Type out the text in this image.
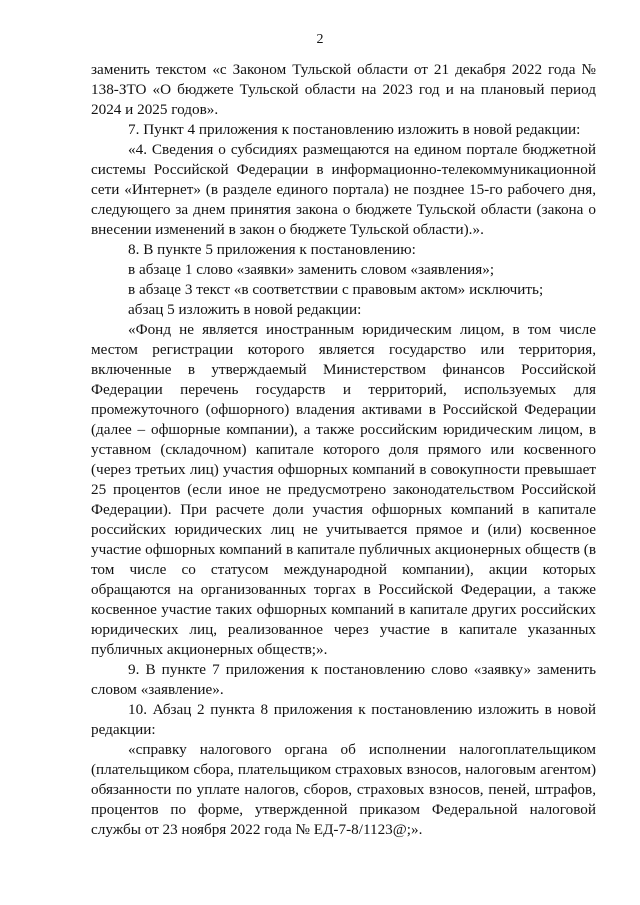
2

заменить текстом «с Законом Тульской области от 21 декабря 2022 года № 138-ЗТО «О бюджете Тульской области на 2023 год и на плановый период 2024 и 2025 годов».

7. Пункт 4 приложения к постановлению изложить в новой редакции:

«4. Сведения о субсидиях размещаются на едином портале бюджетной системы Российской Федерации в информационно-телекоммуникационной сети «Интернет» (в разделе единого портала) не позднее 15-го рабочего дня, следующего за днем принятия закона о бюджете Тульской области (закона о внесении изменений в закон о бюджете Тульской области).».

8. В пункте 5 приложения к постановлению:

в абзаце 1 слово «заявки» заменить словом «заявления»;

в абзаце 3 текст «в соответствии с правовым актом» исключить;

абзац 5 изложить в новой редакции:

«Фонд не является иностранным юридическим лицом, в том числе местом регистрации которого является государство или территория, включенные в утверждаемый Министерством финансов Российской Федерации перечень государств и территорий, используемых для промежуточного (офшорного) владения активами в Российской Федерации (далее – офшорные компании), а также российским юридическим лицом, в уставном (складочном) капитале которого доля прямого или косвенного (через третьих лиц) участия офшорных компаний в совокупности превышает 25 процентов (если иное не предусмотрено законодательством Российской Федерации). При расчете доли участия офшорных компаний в капитале российских юридических лиц не учитывается прямое и (или) косвенное участие офшорных компаний в капитале публичных акционерных обществ (в том числе со статусом международной компании), акции которых обращаются на организованных торгах в Российской Федерации, а также косвенное участие таких офшорных компаний в капитале других российских юридических лиц, реализованное через участие в капитале указанных публичных акционерных обществ;».

9. В пункте 7 приложения к постановлению слово «заявку» заменить словом «заявление».

10. Абзац 2 пункта 8 приложения к постановлению изложить в новой редакции:

«справку налогового органа об исполнении налогоплательщиком (плательщиком сбора, плательщиком страховых взносов, налоговым агентом) обязанности по уплате налогов, сборов, страховых взносов, пеней, штрафов, процентов по форме, утвержденной приказом Федеральной налоговой службы от 23 ноября 2022 года № ЕД-7-8/1123@;».
